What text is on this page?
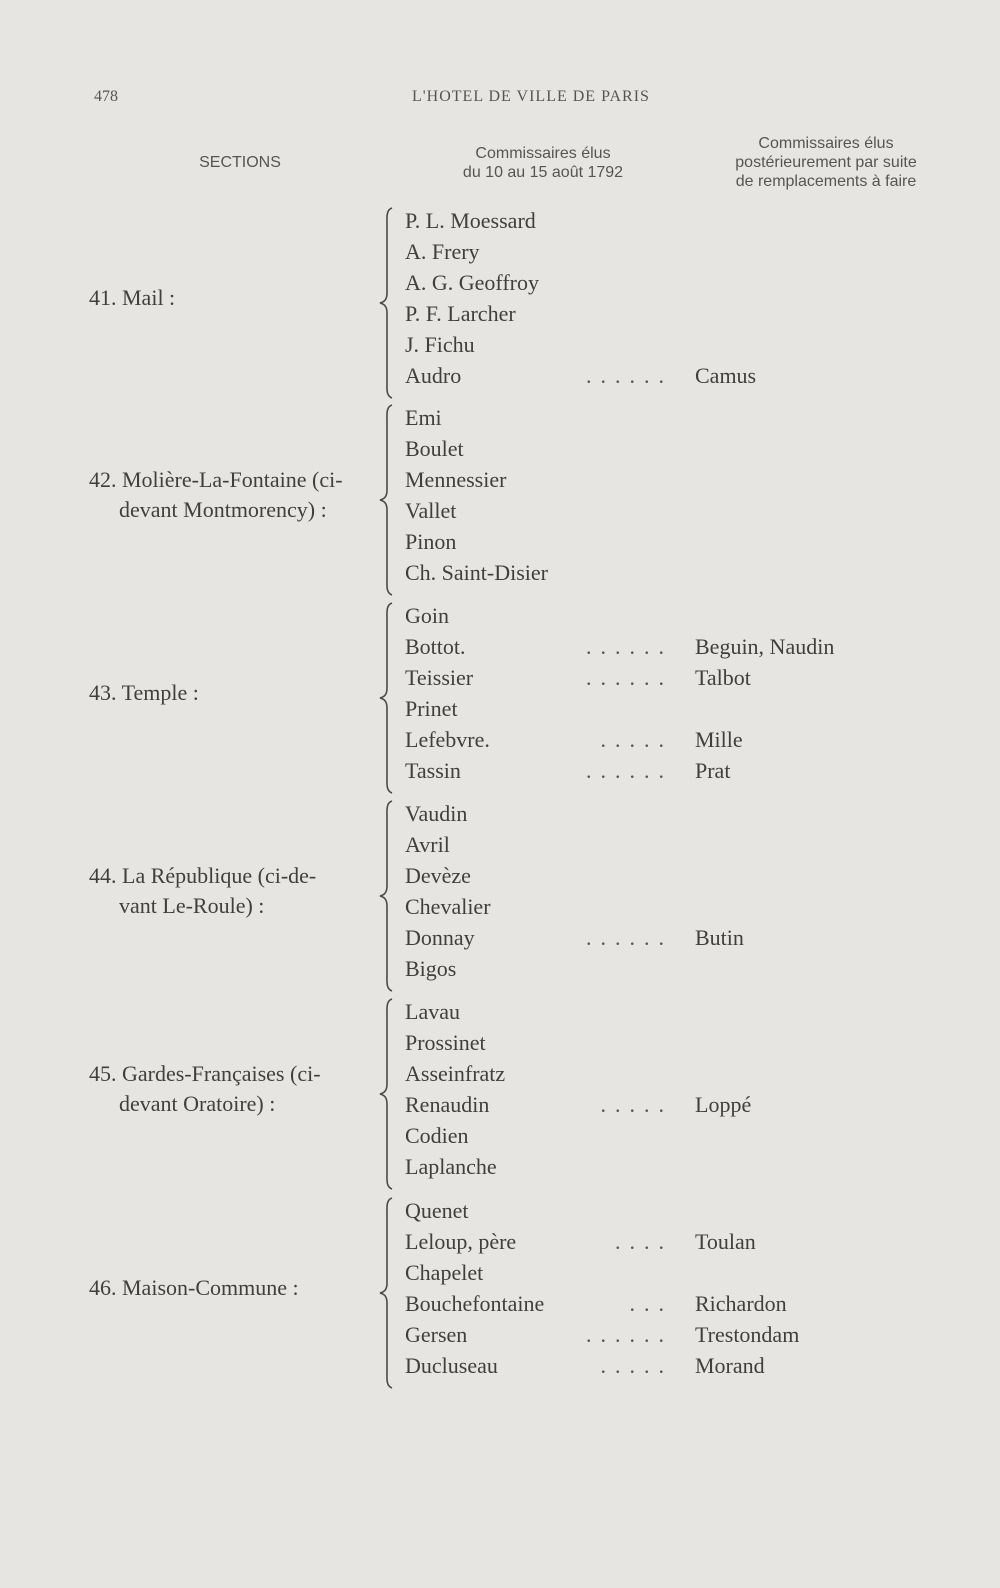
478	L'HOTEL DE VILLE DE PARIS
SECTIONS
Commissaires élus
du 10 au 15 août 1792
Commissaires élus
postérieurement par suite
de remplacements à faire
41. Mail :
P. L. Moessard
A. Frery
A. G. Geoffroy
P. F. Larcher
J. Fichu
Audro	...... Camus
42. Molière-La-Fontaine (ci-
devant Montmorency) :
Emi
Boulet
Mennessier
Vallet
Pinon
Ch. Saint-Disier
43. Temple :
Goin
Bottot.	...... Beguin, Naudin
Teissier	...... Talbot
Prinet
Lefebvre.	..... Mille
Tassin	...... Prat
44. La République (ci-de-
vant Le-Roule) :
Vaudin
Avril
Devèze
Chevalier
Donnay	...... Butin
Bigos
45. Gardes-Françaises (ci-
devant Oratoire) :
Lavau
Prossinet
Asseinfratz
Renaudin	..... Loppé
Codien
Laplanche
46. Maison-Commune :
Quenet
Leloup, père	.... Toulan
Chapelet
Bouchefontaine	... Richardon
Gersen	...... Trestondam
Ducluseau	..... Morand
